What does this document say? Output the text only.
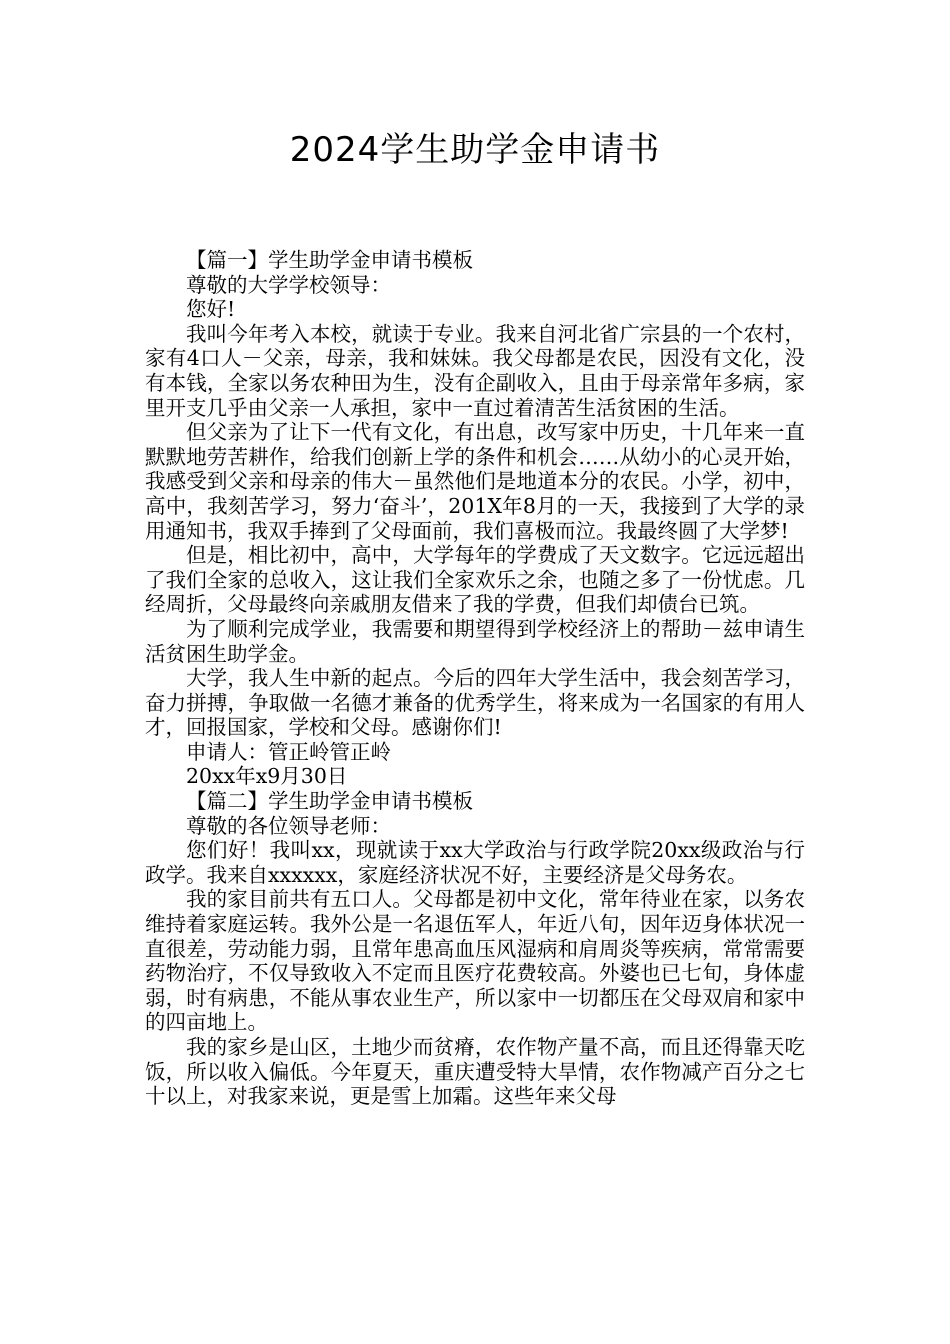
2024学生助学金申请书

【篇一】学生助学金申请书模板

尊敬的大学学校领导：

您好!

我叫今年考入本校，就读于专业。我来自河北省广宗县的一个农村，家有4口人－父亲，母亲，我和妹妹。我父母都是农民，因没有文化，没有本钱，全家以务农种田为生，没有企副收入，且由于母亲常年多病，家里开支几乎由父亲一人承担，家中一直过着清苦生活贫困的生活。

但父亲为了让下一代有文化，有出息，改写家中历史，十几年来一直默默地劳苦耕作，给我们创新上学的条件和机会……从幼小的心灵开始，我感受到父亲和母亲的伟大－虽然他们是地道本分的农民。小学，初中，高中，我刻苦学习，努力‘奋斗’，201X年8月的一天，我接到了大学的录用通知书，我双手捧到了父母面前，我们喜极而泣。我最终圆了大学梦!

但是，相比初中，高中，大学每年的学费成了天文数字。它远远超出了我们全家的总收入，这让我们全家欢乐之余，也随之多了一份忧虑。几经周折，父母最终向亲戚朋友借来了我的学费，但我们却债台已筑。

为了顺利完成学业，我需要和期望得到学校经济上的帮助－兹申请生活贫困生助学金。

大学，我人生中新的起点。今后的四年大学生活中，我会刻苦学习，奋力拼搏，争取做一名德才兼备的优秀学生，将来成为一名国家的有用人才，回报国家，学校和父母。感谢你们!

申请人：管正岭管正岭

20xx年x9月30日

【篇二】学生助学金申请书模板

尊敬的各位领导老师：

您们好！我叫xx，现就读于xx大学政治与行政学院20xx级政治与行政学。我来自xxxxxx，家庭经济状况不好，主要经济是父母务农。

我的家目前共有五口人。父母都是初中文化，常年待业在家，以务农维持着家庭运转。我外公是一名退伍军人，年近八旬，因年迈身体状况一直很差，劳动能力弱，且常年患高血压风湿病和肩周炎等疾病，常常需要药物治疗，不仅导致收入不定而且医疗花费较高。外婆也已七旬，身体虚弱，时有病患，不能从事农业生产，所以家中一切都压在父母双肩和家中的四亩地上。

我的家乡是山区，土地少而贫瘠，农作物产量不高，而且还得靠天吃饭，所以收入偏低。今年夏天，重庆遭受特大旱情，农作物减产百分之七十以上，对我家来说，更是雪上加霜。这些年来父母
